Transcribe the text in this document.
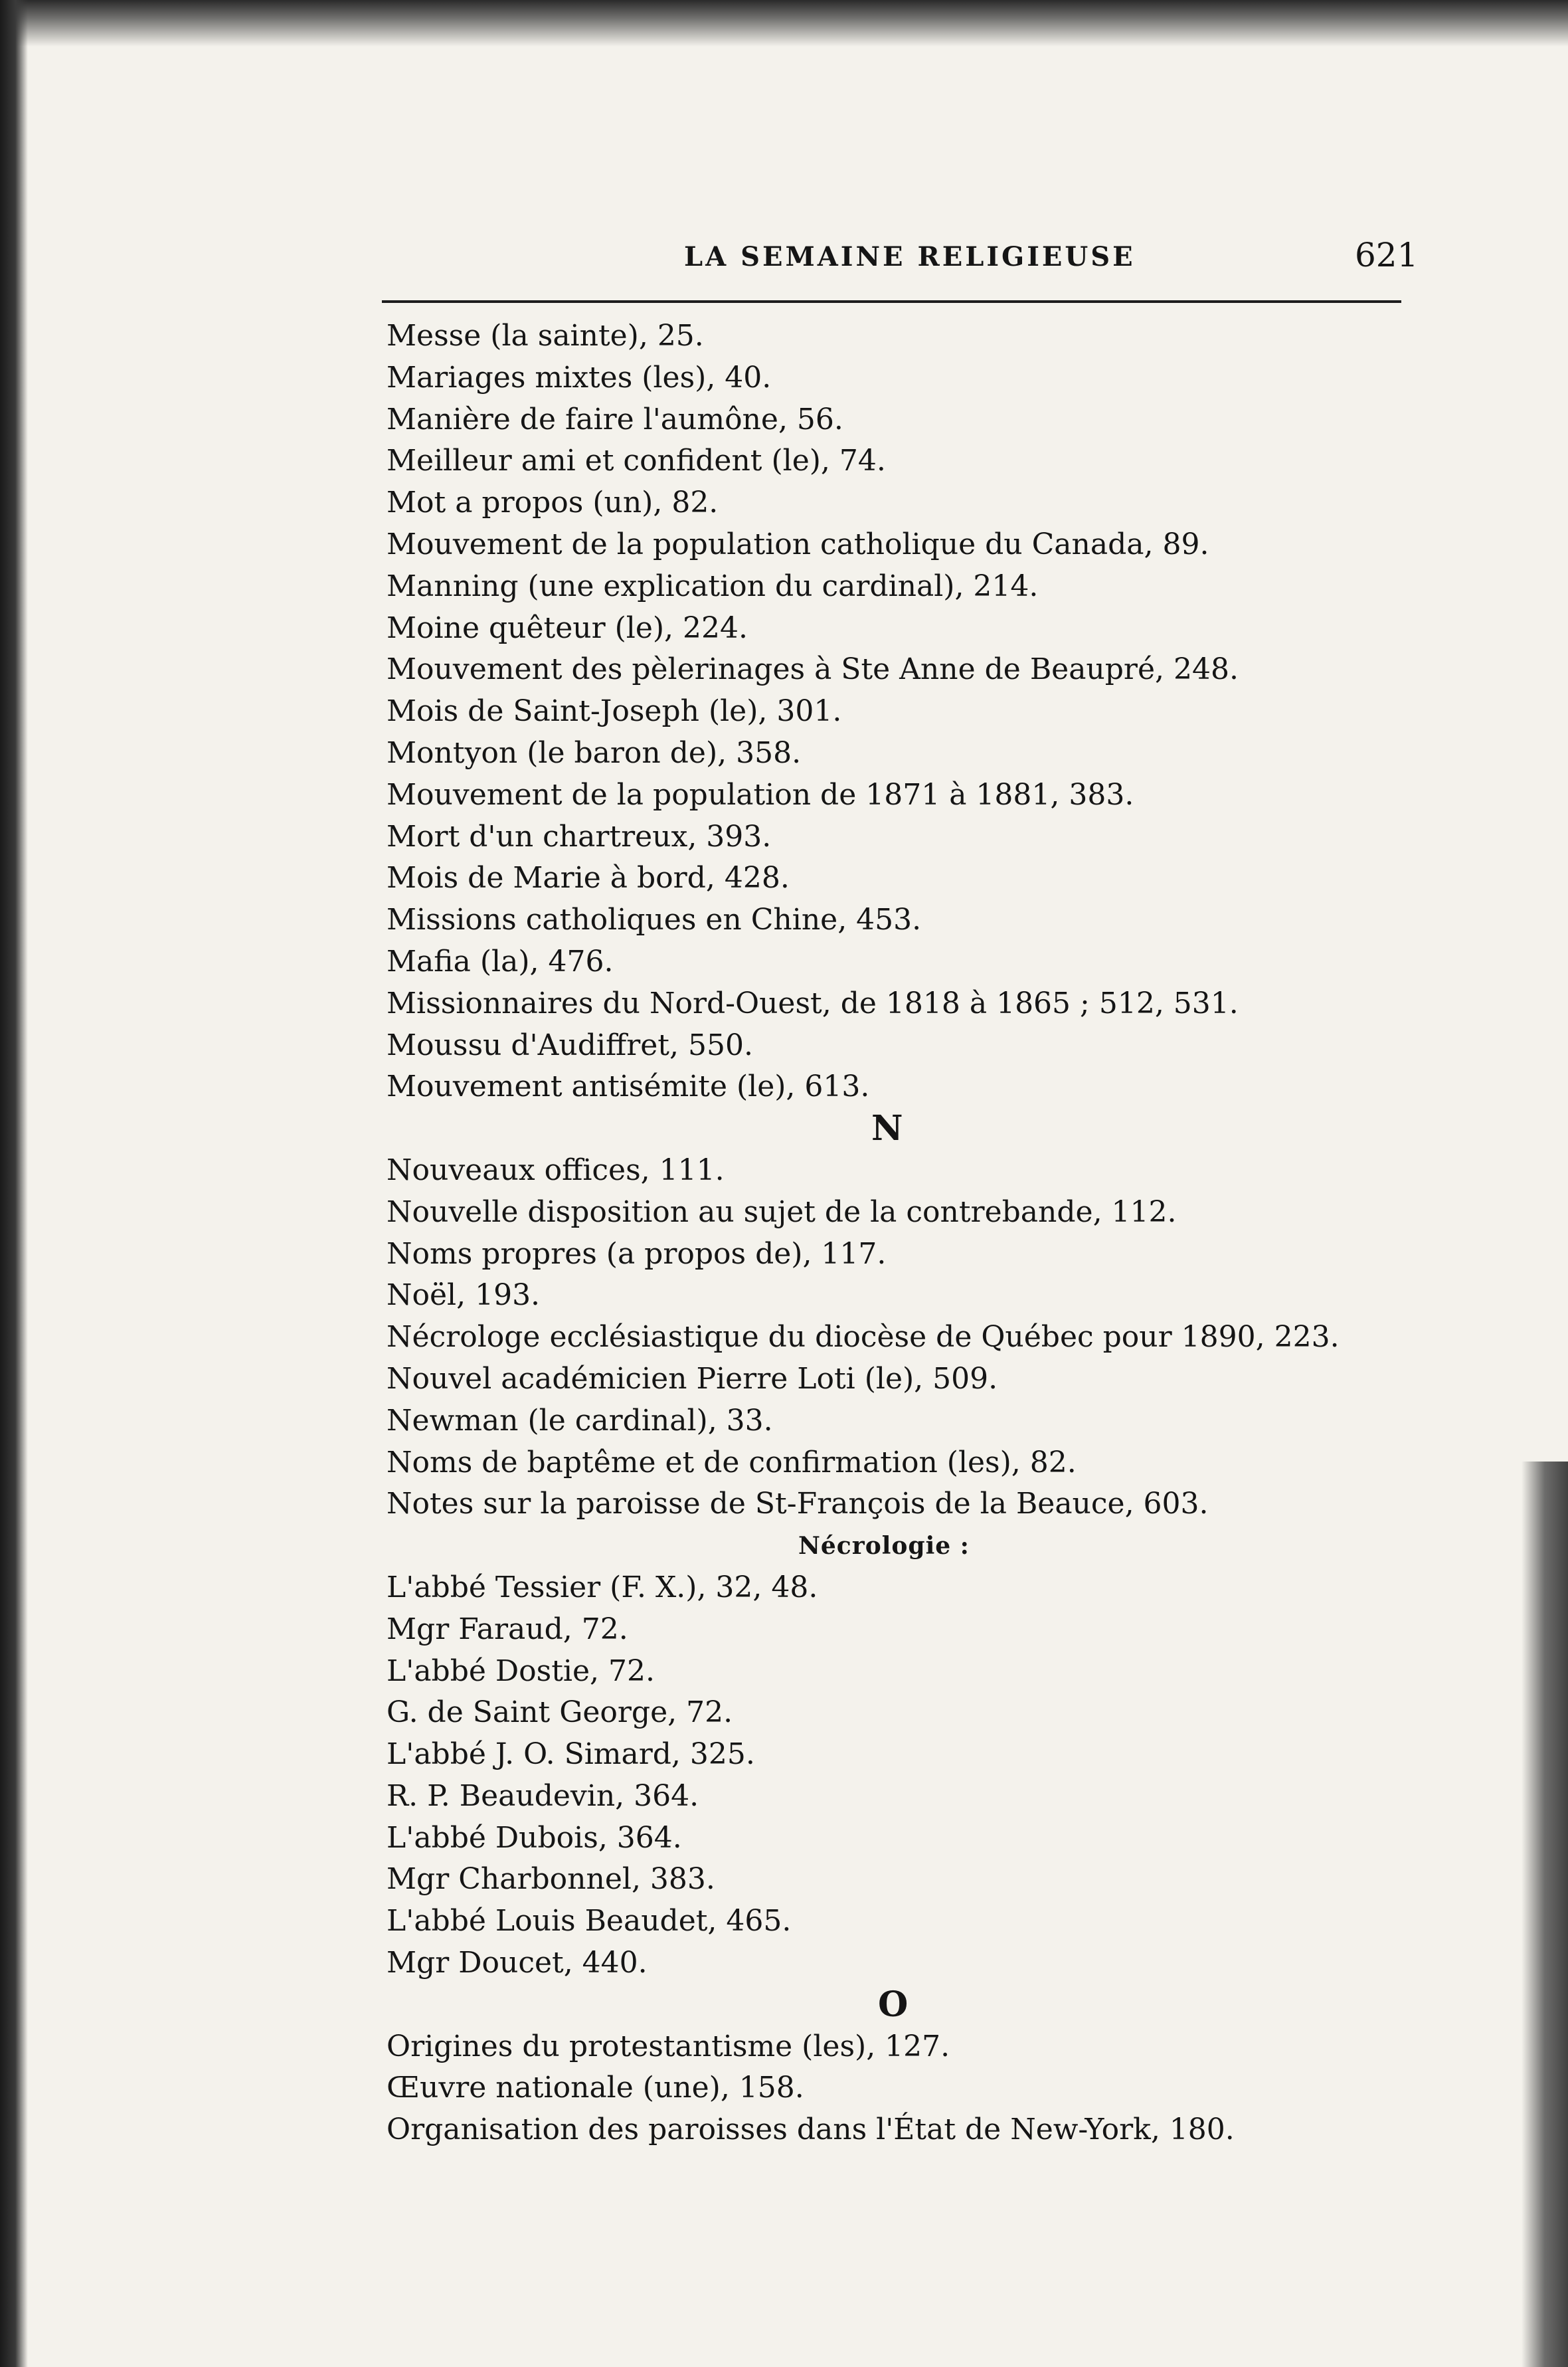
LA SEMAINE RELIGIEUSE	621
Messe (la sainte), 25.
Mariages mixtes (les), 40.
Manière de faire l'aumône, 56.
Meilleur ami et confident (le), 74.
Mot a propos (un), 82.
Mouvement de la population catholique du Canada, 89.
Manning (une explication du cardinal), 214.
Moine quêteur (le), 224.
Mouvement des pèlerinages à Ste Anne de Beaupré, 248.
Mois de Saint-Joseph (le), 301.
Montyon (le baron de), 358.
Mouvement de la population de 1871 à 1881, 383.
Mort d'un chartreux, 393.
Mois de Marie à bord, 428.
Missions catholiques en Chine, 453.
Mafia (la), 476.
Missionnaires du Nord-Ouest, de 1818 à 1865 ; 512, 531.
Moussu d'Audiffret, 550.
Mouvement antisémite (le), 613.
N
Nouveaux offices, 111.
Nouvelle disposition au sujet de la contrebande, 112.
Noms propres (a propos de), 117.
Noël, 193.
Nécrologe ecclésiastique du diocèse de Québec pour 1890, 223.
Nouvel académicien Pierre Loti (le), 509.
Newman (le cardinal), 33.
Noms de baptême et de confirmation (les), 82.
Notes sur la paroisse de St-François de la Beauce, 603.
Nécrologie :
L'abbé Tessier (F. X.), 32, 48.
Mgr Faraud, 72.
L'abbé Dostie, 72.
G. de Saint George, 72.
L'abbé J. O. Simard, 325.
R. P. Beaudevin, 364.
L'abbé Dubois, 364.
Mgr Charbonnel, 383.
L'abbé Louis Beaudet, 465.
Mgr Doucet, 440.
O
Origines du protestantisme (les), 127.
Œuvre nationale (une), 158.
Organisation des paroisses dans l'État de New-York, 180.
